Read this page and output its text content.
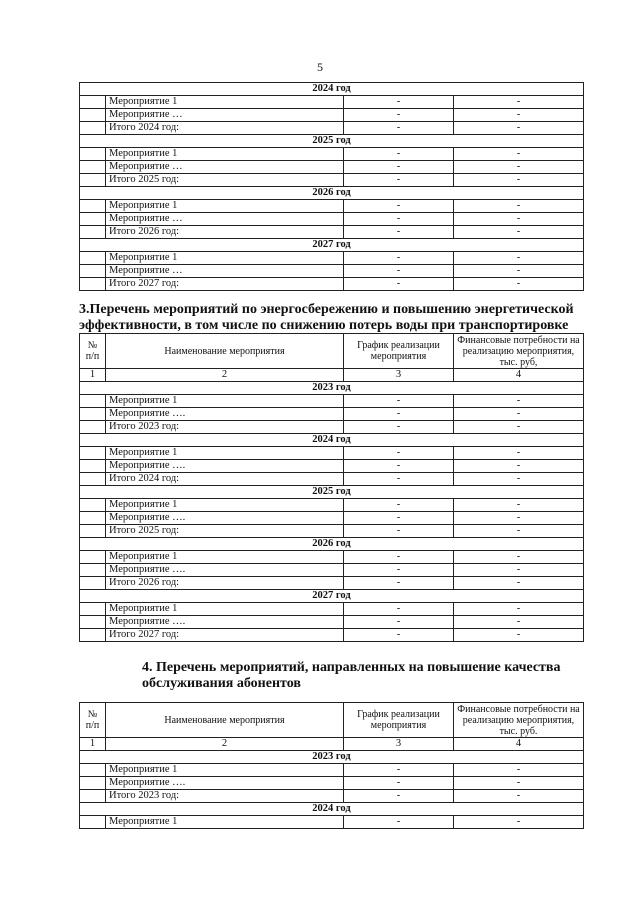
5
2024 год			
	Мероприятие 1	-	-
	Мероприятие …	-	-
	Итого 2024 год:	-	-
2025 год			
	Мероприятие 1	-	-
	Мероприятие …	-	-
	Итого 2025 год:	-	-
2026 год			
	Мероприятие 1	-	-
	Мероприятие …	-	-
	Итого 2026 год:	-	-
2027 год			
	Мероприятие 1	-	-
	Мероприятие …	-	-
	Итого 2027 год:	-	-
3.Перечень мероприятий по энергосбережению и повышению энергетической эффективности, в том числе по снижению потерь воды при транспортировке
№ п/п	Наименование мероприятия	График реализации мероприятия	Финансовые потребности на реализацию мероприятия, тыс. руб,
1	2	3	4
2023 год			
	Мероприятие 1	-	-
	Мероприятие ….	-	-
	Итого 2023 год:	-	-
2024 год			
	Мероприятие 1	-	-
	Мероприятие ….	-	-
	Итого 2024 год:	-	-
2025 год			
	Мероприятие 1	-	-
	Мероприятие ….	-	-
	Итого 2025 год:	-	-
2026 год			
	Мероприятие 1	-	-
	Мероприятие ….	-	-
	Итого 2026 год:	-	-
2027 год			
	Мероприятие 1	-	-
	Мероприятие ….	-	-
	Итого 2027 год:	-	-
4. Перечень мероприятий, направленных на повышение качества обслуживания абонентов
№ п/п	Наименование мероприятия	График реализации мероприятия	Финансовые потребности на реализацию мероприятия, тыс. руб.
1	2	3	4
2023 год			
	Мероприятие 1	-	-
	Мероприятие ….	-	-
	Итого 2023 год:	-	-
2024 год			
	Мероприятие 1	-	-
